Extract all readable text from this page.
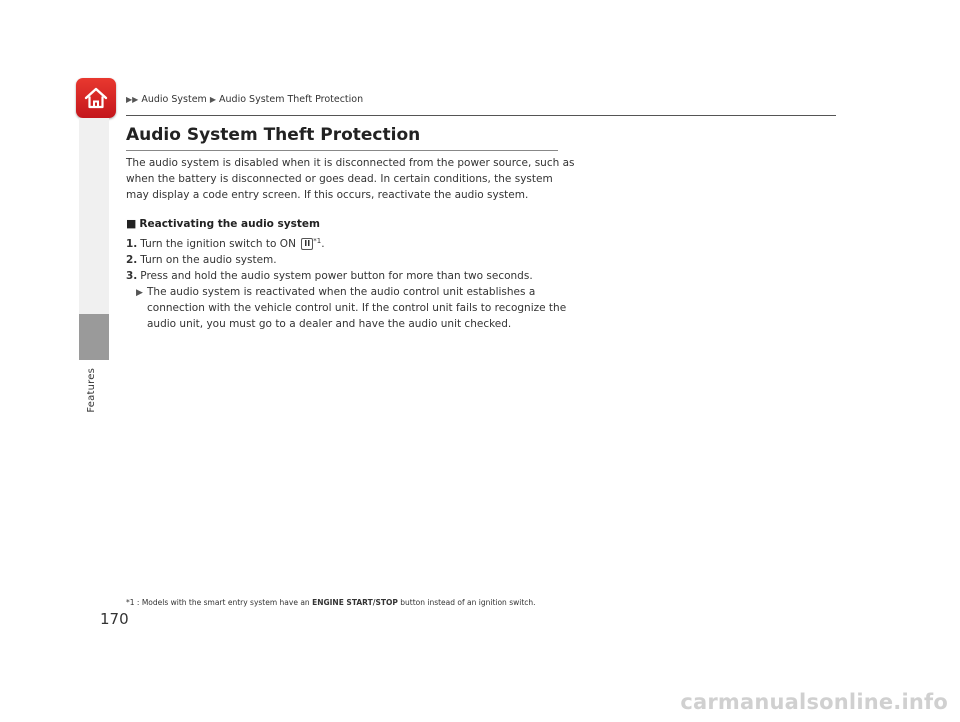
Features
▶▶ Audio System ▶ Audio System Theft Protection
Audio System Theft Protection

The audio system is disabled when it is disconnected from the power source, such as when the battery is disconnected or goes dead. In certain conditions, the system may display a code entry screen. If this occurs, reactivate the audio system.

■ Reactivating the audio system
1. Turn the ignition switch to ON II $^{*1}$.
2. Turn on the audio system.
3. Press and hold the audio system power button for more than two seconds.
▶ The audio system is reactivated when the audio control unit establishes a connection with the vehicle control unit. If the control unit fails to recognize the audio unit, you must go to a dealer and have the audio unit checked.
*1 : Models with the smart entry system have an ENGINE START/STOP button instead of an ignition switch.
170
carmanualsonline.info
